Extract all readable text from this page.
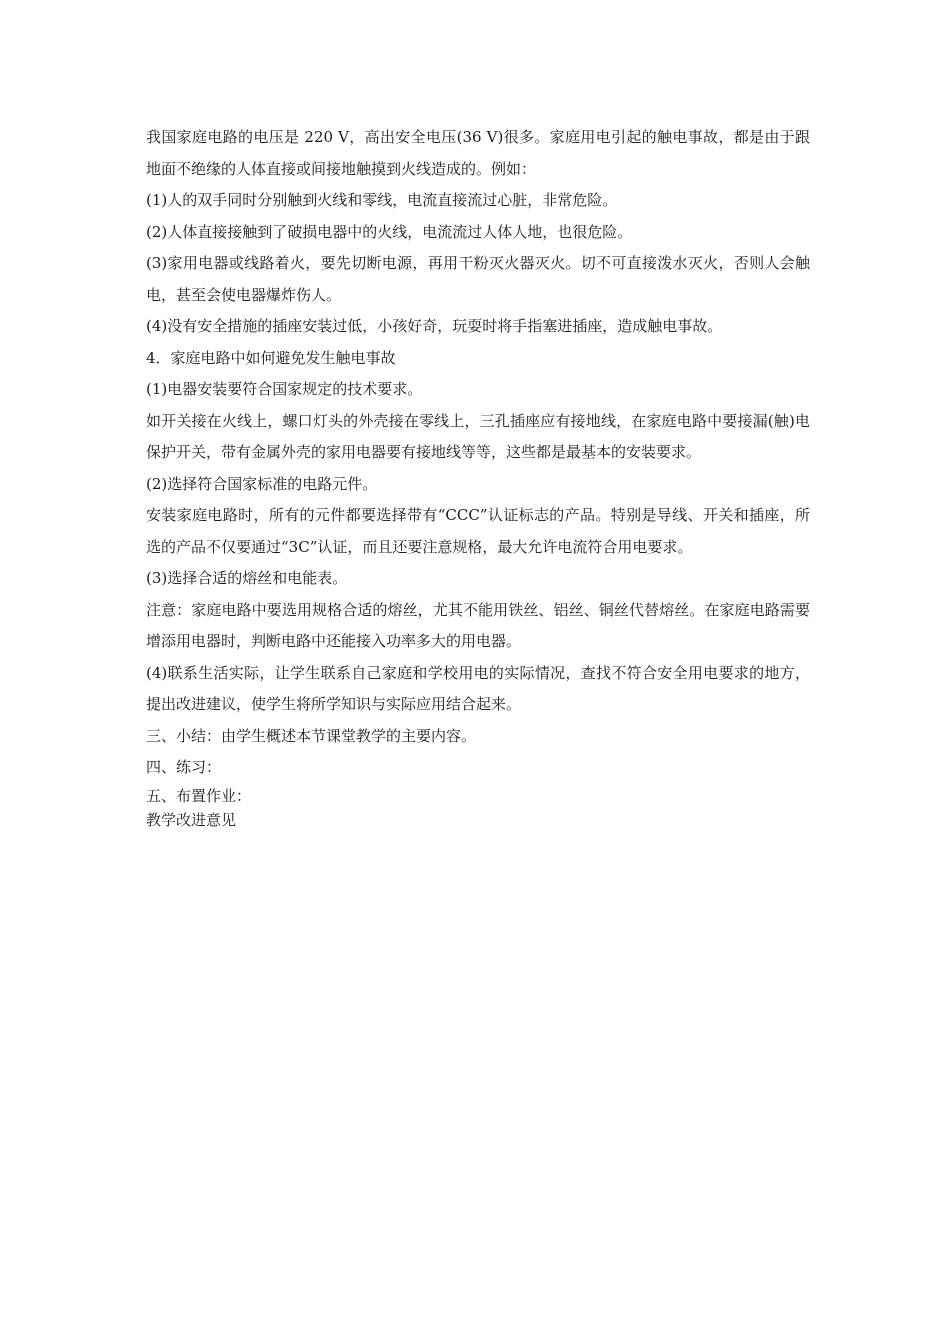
我国家庭电路的电压是 220 V，高出安全电压(36 V)很多。家庭用电引起的触电事故，都是由于跟地面不绝缘的人体直接或间接地触摸到火线造成的。例如：

(1)人的双手同时分别触到火线和零线，电流直接流过心脏，非常危险。

(2)人体直接接触到了破损电器中的火线，电流流过人体人地，也很危险。

(3)家用电器或线路着火，要先切断电源，再用干粉灭火器灭火。切不可直接泼水灭火，否则人会触电，甚至会使电器爆炸伤人。

(4)没有安全措施的插座安装过低，小孩好奇，玩耍时将手指塞进插座，造成触电事故。

4．家庭电路中如何避免发生触电事故

(1)电器安装要符合国家规定的技术要求。

如开关接在火线上，螺口灯头的外壳接在零线上，三孔插座应有接地线，在家庭电路中要接漏(触)电保护开关，带有金属外壳的家用电器要有接地线等等，这些都是最基本的安装要求。

(2)选择符合国家标准的电路元件。

安装家庭电路时，所有的元件都要选择带有“CCC”认证标志的产品。特别是导线、开关和插座，所选的产品不仅要通过“3C”认证，而且还要注意规格，最大允许电流符合用电要求。

(3)选择合适的熔丝和电能表。

注意：家庭电路中要选用规格合适的熔丝，尤其不能用铁丝、铝丝、铜丝代替熔丝。在家庭电路需要增添用电器时，判断电路中还能接入功率多大的用电器。

(4)联系生活实际，让学生联系自己家庭和学校用电的实际情况，查找不符合安全用电要求的地方，提出改进建议，使学生将所学知识与实际应用结合起来。

三、小结：由学生概述本节课堂教学的主要内容。

四、练习：

五、布置作业：

教学改进意见
